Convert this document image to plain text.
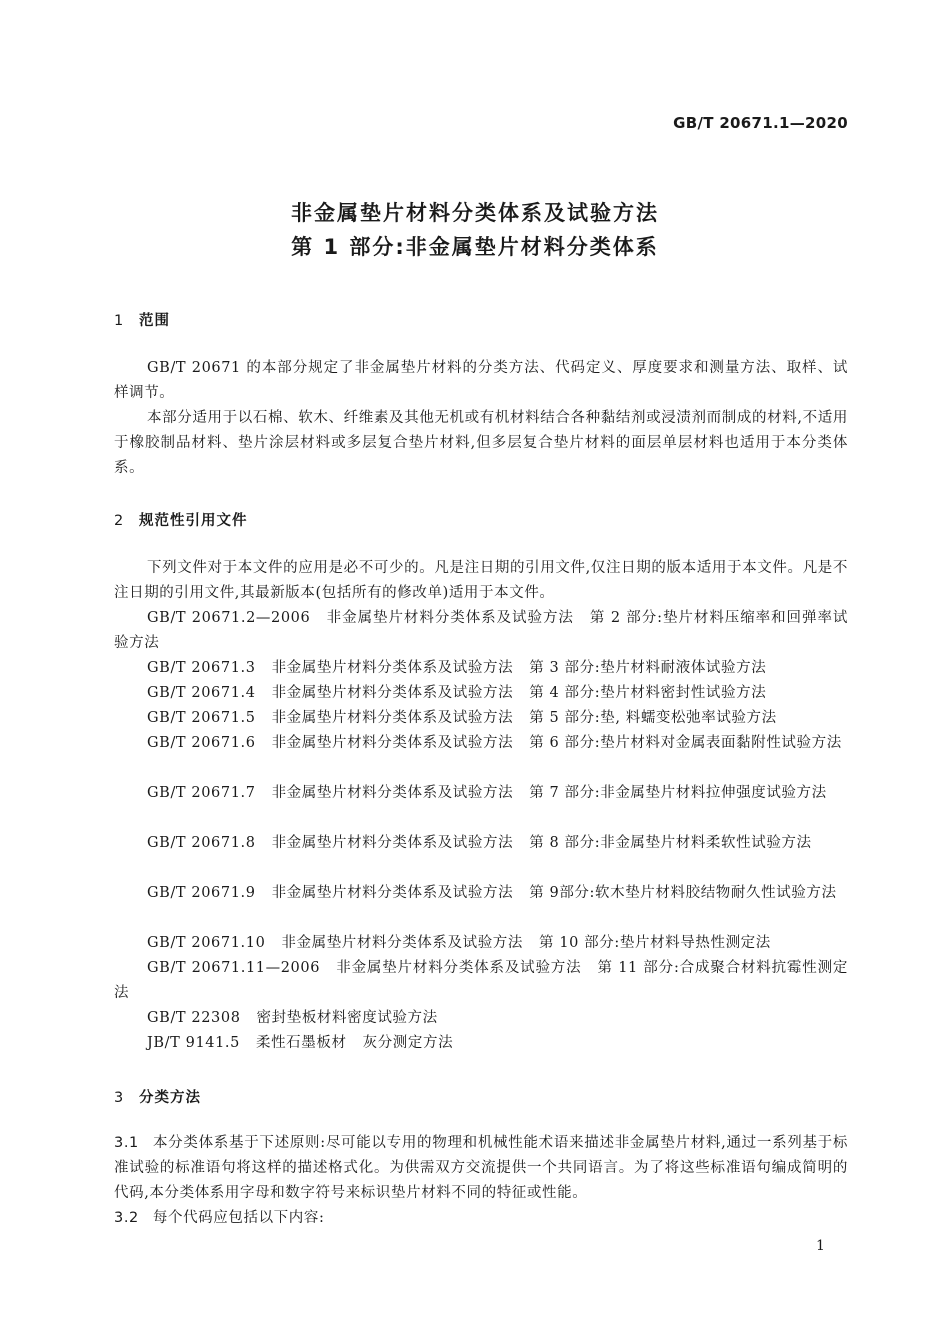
GB/T 20671.1—2020
非金属垫片材料分类体系及试验方法
第 1 部分:非金属垫片材料分类体系
1 范围
GB/T 20671 的本部分规定了非金属垫片材料的分类方法、代码定义、厚度要求和测量方法、取样、试样调节。
本部分适用于以石棉、软木、纤维素及其他无机或有机材料结合各种黏结剂或浸渍剂而制成的材料,不适用于橡胶制品材料、垫片涂层材料或多层复合垫片材料,但多层复合垫片材料的面层单层材料也适用于本分类体系。
2 规范性引用文件
下列文件对于本文件的应用是必不可少的。凡是注日期的引用文件,仅注日期的版本适用于本文件。凡是不注日期的引用文件,其最新版本(包括所有的修改单)适用于本文件。
GB/T 20671.2—2006 非金属垫片材料分类体系及试验方法 第 2 部分:垫片材料压缩率和回弹率试验方法
GB/T 20671.3 非金属垫片材料分类体系及试验方法 第 3 部分:垫片材料耐液体试验方法
GB/T 20671.4 非金属垫片材料分类体系及试验方法 第 4 部分:垫片材料密封性试验方法
GB/T 20671.5 非金属垫片材料分类体系及试验方法 第 5 部分:垫, 料蠕变松弛率试验方法
GB/T 20671.6 非金属垫片材料分类体系及试验方法 第 6 部分:垫片材料对金属表面黏附性试验方法
GB/T 20671.7 非金属垫片材料分类体系及试验方法 第 7 部分:非金属垫片材料拉伸强度试验方法
GB/T 20671.8 非金属垫片材料分类体系及试验方法 第 8 部分:非金属垫片材料柔软性试验方法
GB/T 20671.9 非金属垫片材料分类体系及试验方法 第 9部分:软木垫片材料胶结物耐久性试验方法
GB/T 20671.10 非金属垫片材料分类体系及试验方法 第 10 部分:垫片材料导热性测定法
GB/T 20671.11—2006 非金属垫片材料分类体系及试验方法 第 11 部分:合成聚合材料抗霉性测定法
GB/T 22308 密封垫板材料密度试验方法
JB/T 9141.5 柔性石墨板材 灰分测定方法
3 分类方法
3.1 本分类体系基于下述原则:尽可能以专用的物理和机械性能术语来描述非金属垫片材料,通过一系列基于标准试验的标准语句将这样的描述格式化。为供需双方交流提供一个共同语言。为了将这些标准语句编成简明的代码,本分类体系用字母和数字符号来标识垫片材料不同的特征或性能。
3.2 每个代码应包括以下内容:
1
